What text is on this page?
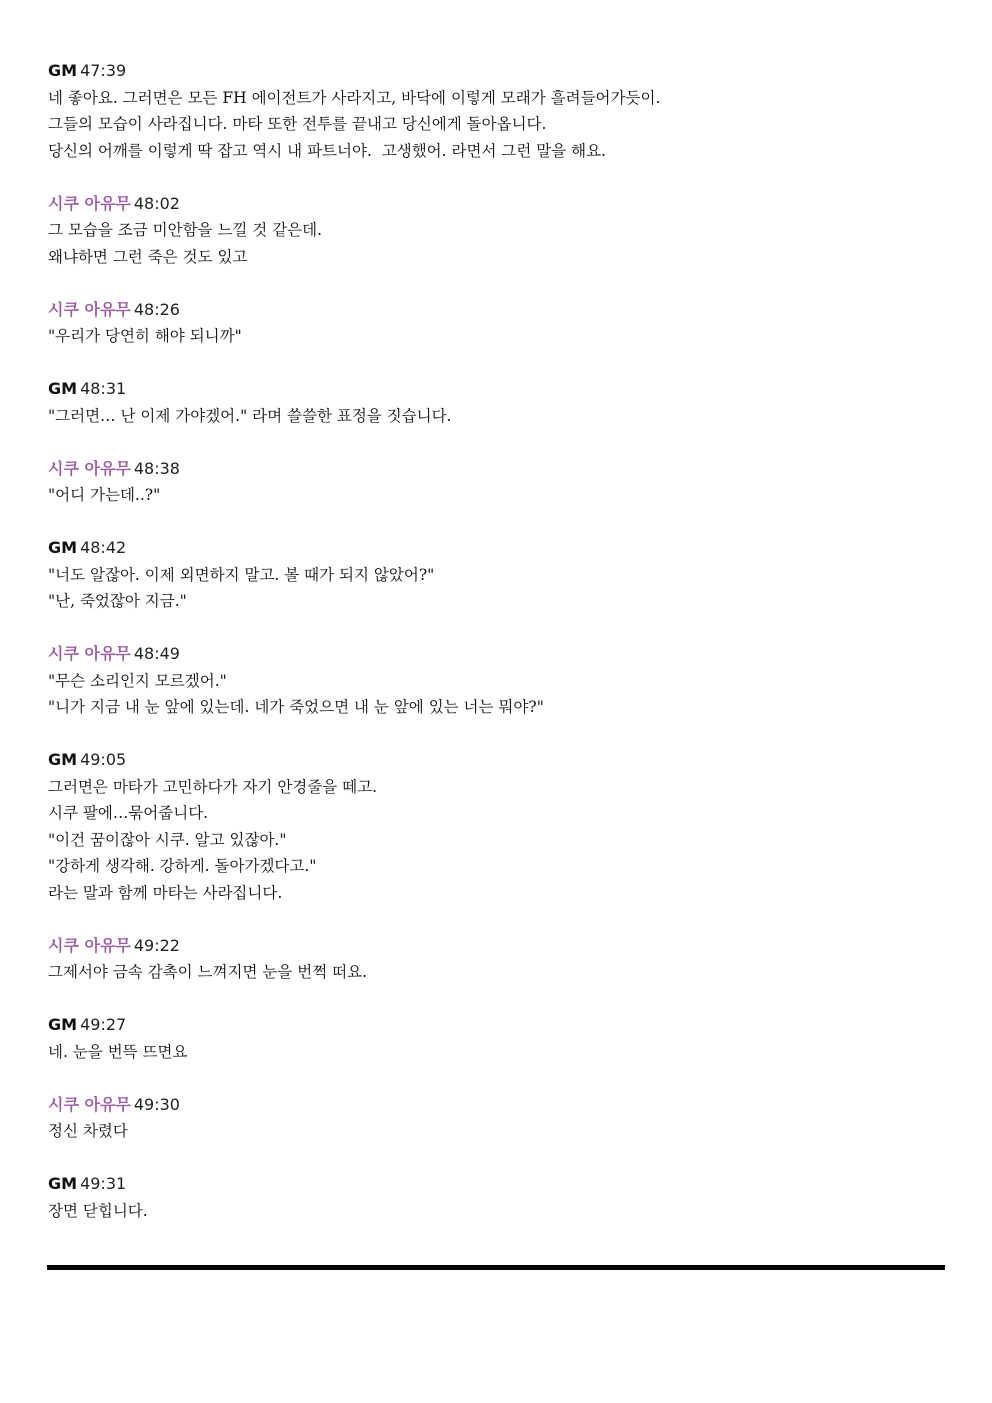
GM 47:39
네 좋아요. 그러면은 모든 FH 에이전트가 사라지고, 바닥에 이렇게 모래가 흘려들어가듯이.
그들의 모습이 사라집니다. 마타 또한 전투를 끝내고 당신에게 돌아옵니다.
당신의 어깨를 이렇게 딱 잡고 역시 내 파트너야.  고생했어. 라면서 그런 말을 해요.
시쿠 아유무 48:02
그 모습을 조금 미안함을 느낄 것 같은데.
왜냐하면 그런 죽은 것도 있고
시쿠 아유무 48:26
"우리가 당연히 해야 되니까"
GM 48:31
"그러면… 난 이제 가야겠어." 라며 쓸쓸한 표정을 짓습니다.
시쿠 아유무 48:38
"어디 가는데..?"
GM 48:42
"너도 알잖아. 이제 외면하지 말고. 볼 때가 되지 않았어?"
"난, 죽었잖아 지금."
시쿠 아유무 48:49
"무슨 소리인지 모르겠어."
"니가 지금 내 눈 앞에 있는데. 네가 죽었으면 내 눈 앞에 있는 너는 뭐야?"
GM 49:05
그러면은 마타가 고민하다가 자기 안경줄을 떼고.
시쿠 팔에…묶어줍니다.
"이건 꿈이잖아 시쿠. 알고 있잖아."
"강하게 생각해. 강하게. 돌아가겠다고."
라는 말과 함께 마타는 사라집니다.
시쿠 아유무 49:22
그제서야 금속 감촉이 느껴지면 눈을 번쩍 떠요.
GM 49:27
네. 눈을 번뜩 뜨면요
시쿠 아유무 49:30
정신 차렸다
GM 49:31
장면 닫힙니다.
